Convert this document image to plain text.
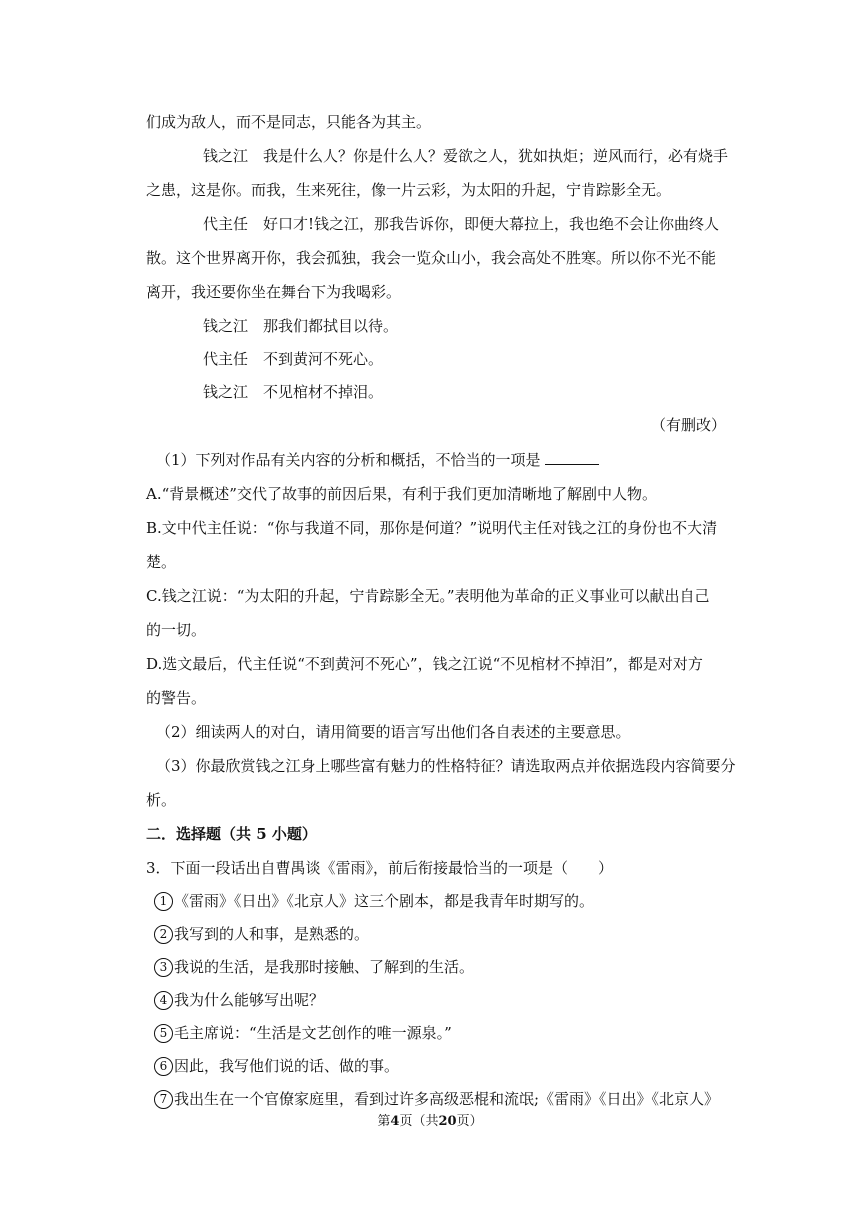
们成为敌人，而不是同志，只能各为其主。
钱之江　我是什么人？你是什么人？爱欲之人，犹如执炬；逆风而行，必有烧手
之患，这是你。而我，生来死往，像一片云彩，为太阳的升起，宁肯踪影全无。
代主任　好口才!钱之江，那我告诉你，即便大幕拉上，我也绝不会让你曲终人
散。这个世界离开你，我会孤独，我会一览众山小，我会高处不胜寒。所以你不光不能
离开，我还要你坐在舞台下为我喝彩。
钱之江　那我们都拭目以待。
代主任　不到黄河不死心。
钱之江　不见棺材不掉泪。
（有删改）
（1）下列对作品有关内容的分析和概括，不恰当的一项是
A.“背景概述”交代了故事的前因后果，有利于我们更加清晰地了解剧中人物。
B.文中代主任说：“你与我道不同，那你是何道？”说明代主任对钱之江的身份也不大清
楚。
C.钱之江说：“为太阳的升起，宁肯踪影全无。”表明他为革命的正义事业可以献出自己
的一切。
D.选文最后，代主任说“不到黄河不死心”，钱之江说“不见棺材不掉泪”，都是对对方
的警告。
（2）细读两人的对白，请用简要的语言写出他们各自表述的主要意思。
（3）你最欣赏钱之江身上哪些富有魅力的性格特征？请选取两点并依据选段内容简要分
析。
二．选择题（共 5 小题）
3．下面一段话出自曹禺谈《雷雨》，前后衔接最恰当的一项是（　　）
1 《雷雨》《日出》《北京人》这三个剧本，都是我青年时期写的。
2 我写到的人和事，是熟悉的。
3 我说的生活，是我那时接触、了解到的生活。
4 我为什么能够写出呢？
5 毛主席说：“生活是文艺创作的唯一源泉。”
6 因此，我写他们说的话、做的事。
7 我出生在一个官僚家庭里，看到过许多高级恶棍和流氓;《雷雨》《日出》《北京人》
第4页（共20页）
